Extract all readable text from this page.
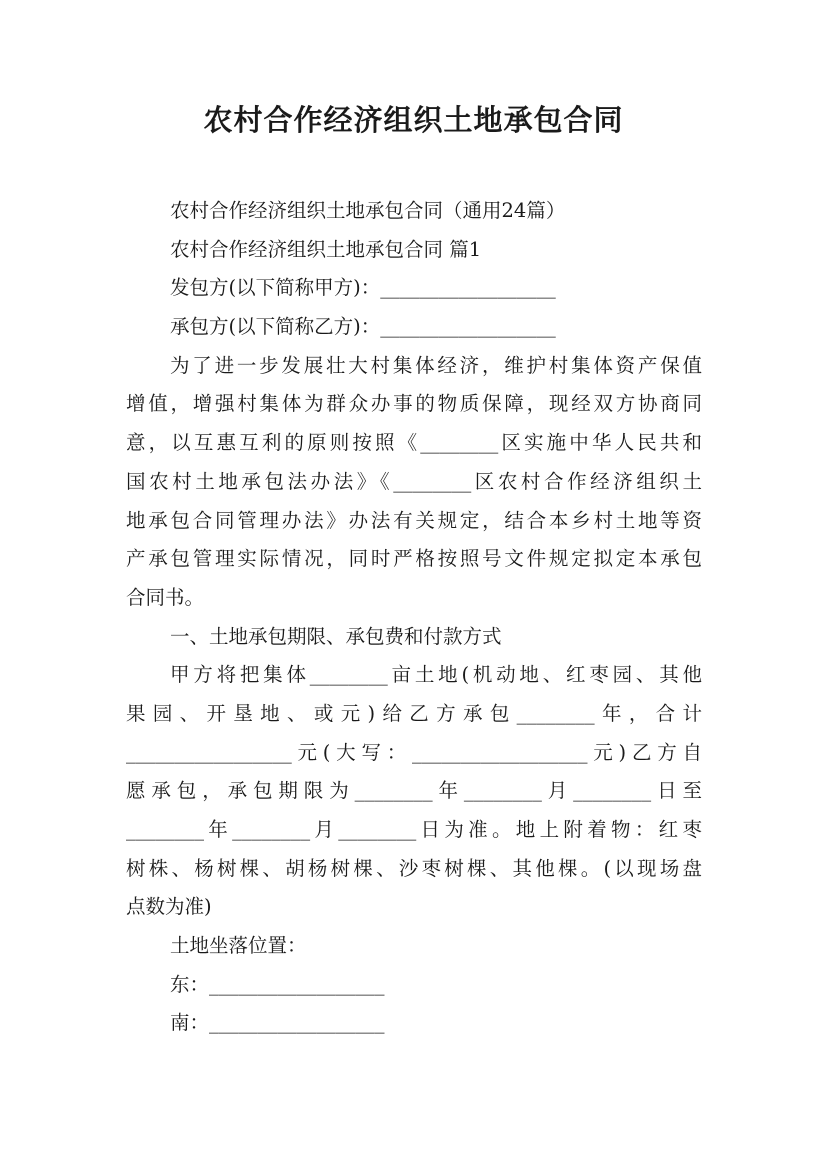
农村合作经济组织土地承包合同
农村合作经济组织土地承包合同（通用24篇）
农村合作经济组织土地承包合同 篇1
发包方(以下简称甲方)：__________________
承包方(以下简称乙方)：__________________
为了进一步发展壮大村集体经济，维护村集体资产保值
增值，增强村集体为群众办事的物质保障，现经双方协商同
意，以互惠互利的原则按照《________区实施中华人民共和
国农村土地承包法办法》《________区农村合作经济组织土
地承包合同管理办法》办法有关规定，结合本乡村土地等资
产承包管理实际情况，同时严格按照号文件规定拟定本承包
合同书。
一、土地承包期限、承包费和付款方式
甲方将把集体________亩土地(机动地、红枣园、其他
果园、开垦地、或元)给乙方承包________年，合计
_________________元(大写：__________________元)乙方自
愿承包，承包期限为________年________月________日至
________年________月________日为准。地上附着物：红枣
树株、杨树棵、胡杨树棵、沙枣树棵、其他棵。(以现场盘
点数为准)
土地坐落位置：
东：__________________
南：__________________
